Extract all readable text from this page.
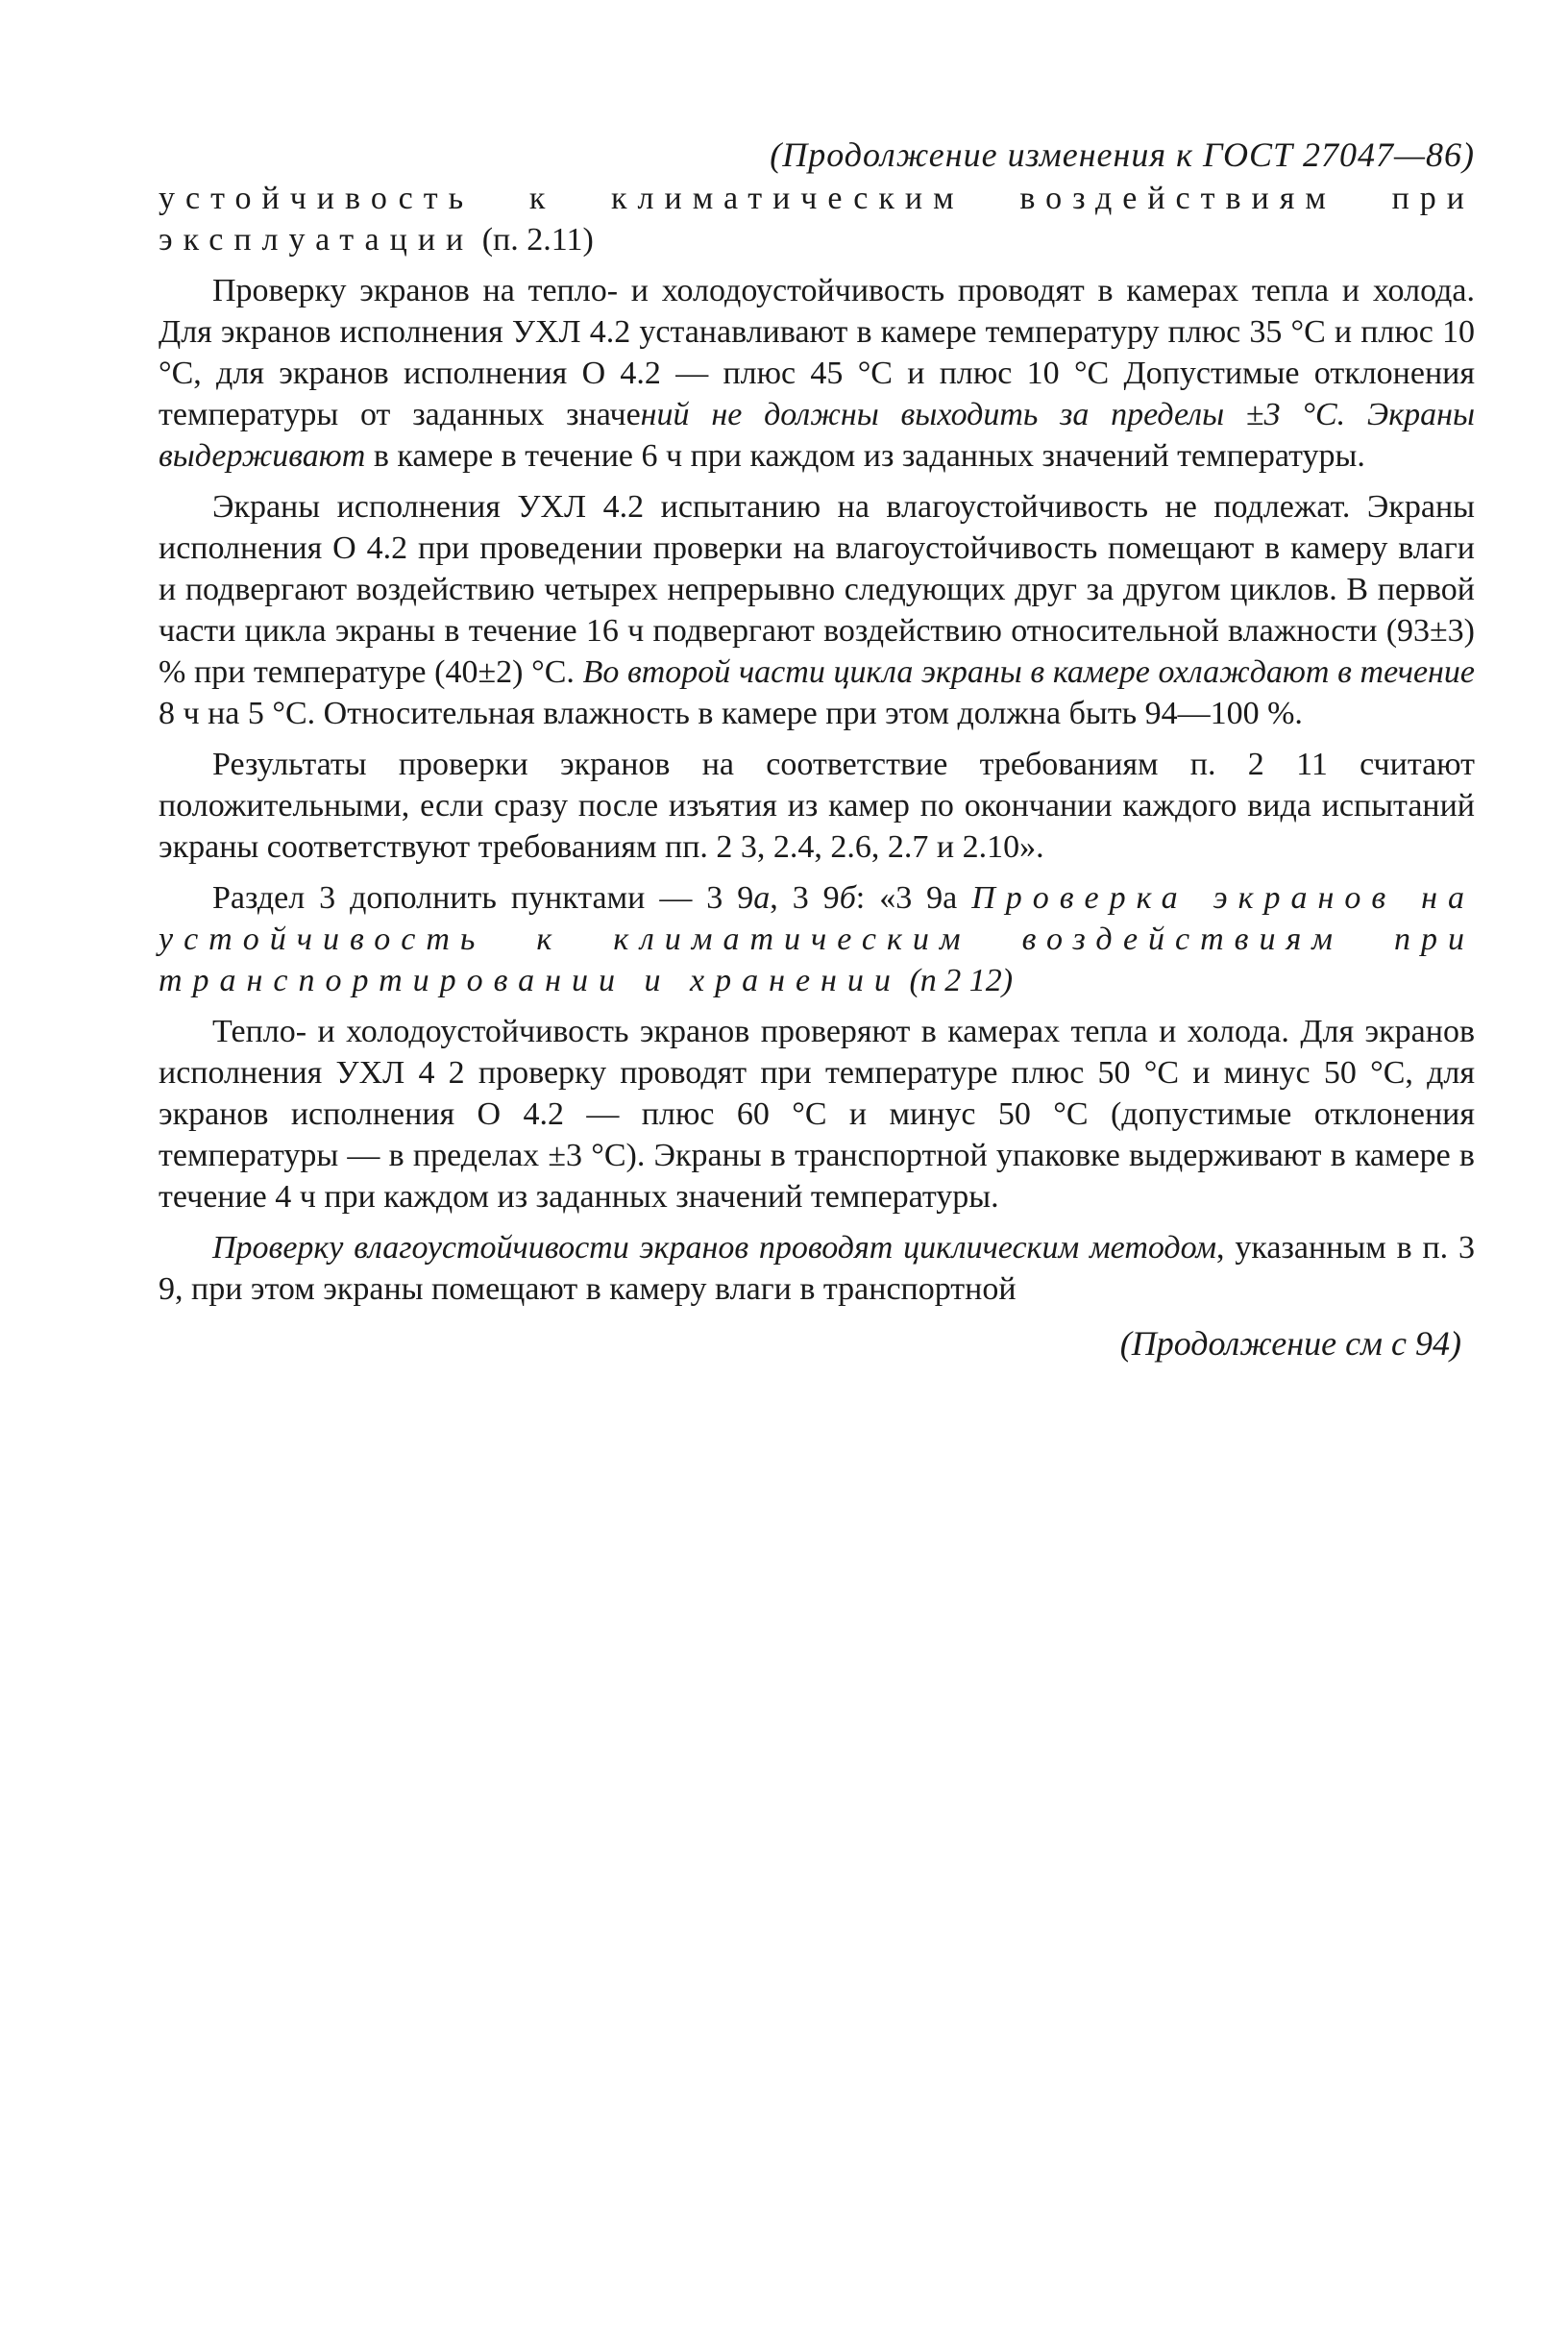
(Продолжение изменения к ГОСТ 27047—86)

устойчивость к климатическим воздействиям при эксплуатации (п. 2.11)

Проверку экранов на тепло- и холодоустойчивость проводят в камерах тепла и холода. Для экранов исполнения УХЛ 4.2 устанавливают в камере температуру плюс 35 °С и плюс 10 °С, для экранов исполнения О 4.2 — плюс 45 °С и плюс 10 °С Допустимые отклонения температуры от заданных значений не должны выходить за пределы ±3 °С. Экраны выдерживают в камере в течение 6 ч при каждом из заданных значений температуры.

Экраны исполнения УХЛ 4.2 испытанию на влагоустойчивость не подлежат. Экраны исполнения О 4.2 при проведении проверки на влагоустойчивость помещают в камеру влаги и подвергают воздействию четырех непрерывно следующих друг за другом циклов. В первой части цикла экраны в течение 16 ч подвергают воздействию относительной влажности (93±3) % при температуре (40±2) °С. Во второй части цикла экраны в камере охлаждают в течение 8 ч на 5 °С. Относительная влажность в камере при этом должна быть 94—100 %.

Результаты проверки экранов на соответствие требованиям п. 2 11 считают положительными, если сразу после изъятия из камер по окончании каждого вида испытаний экраны соответствуют требованиям пп. 2 3, 2.4, 2.6, 2.7 и 2.10».

Раздел 3 дополнить пунктами — 3 9а, 3 9б: «3 9а Проверка экранов на устойчивость к климатическим воздействиям при транспортировании и хранении (п 2 12)

Тепло- и холодоустойчивость экранов проверяют в камерах тепла и холода. Для экранов исполнения УХЛ 4 2 проверку проводят при температуре плюс 50 °С и минус 50 °С, для экранов исполнения О 4.2 — плюс 60 °С и минус 50 °С (допустимые отклонения температуры — в пределах ±3 °С). Экраны в транспортной упаковке выдерживают в камере в течение 4 ч при каждом из заданных значений температуры.

Проверку влагоустойчивости экранов проводят циклическим методом, указанным в п. 3 9, при этом экраны помещают в камеру влаги в транспортной

(Продолжение см с 94)
